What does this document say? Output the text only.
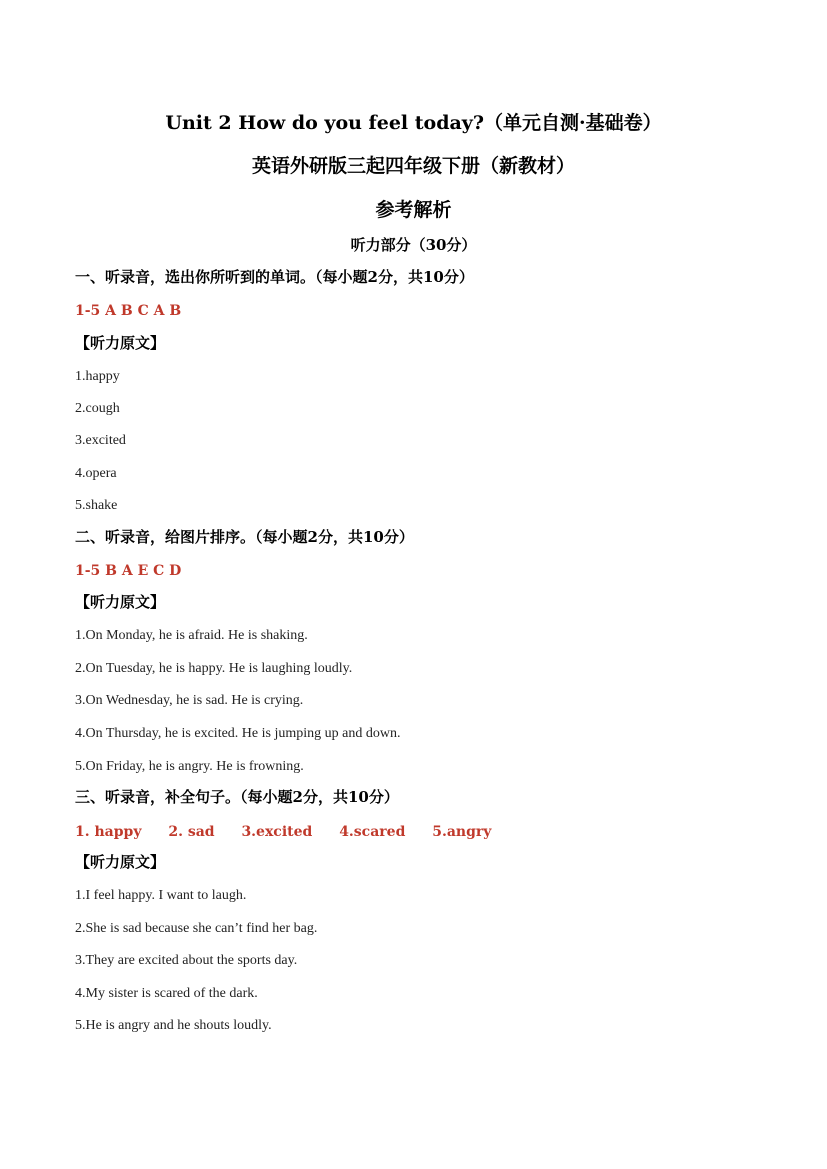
Unit 2 How do you feel today?（单元自测·基础卷）
英语外研版三起四年级下册（新教材）
参考解析
听力部分（30分）
一、听录音，选出你所听到的单词。（每小题2分，共10分）
1-5 A B C A B
【听力原文】
1.happy
2.cough
3.excited
4.opera
5.shake
二、听录音，给图片排序。（每小题2分，共10分）
1-5 B A E C D
【听力原文】
1.On Monday, he is afraid. He is shaking.
2.On Tuesday, he is happy. He is laughing loudly.
3.On Wednesday, he is sad. He is crying.
4.On Thursday, he is excited. He is jumping up and down.
5.On Friday, he is angry. He is frowning.
三、听录音，补全句子。（每小题2分，共10分）
1. happy 2. sad 3.excited 4.scared 5.angry
【听力原文】
1.I feel happy. I want to laugh.
2.She is sad because she can’t find her bag.
3.They are excited about the sports day.
4.My sister is scared of the dark.
5.He is angry and he shouts loudly.
